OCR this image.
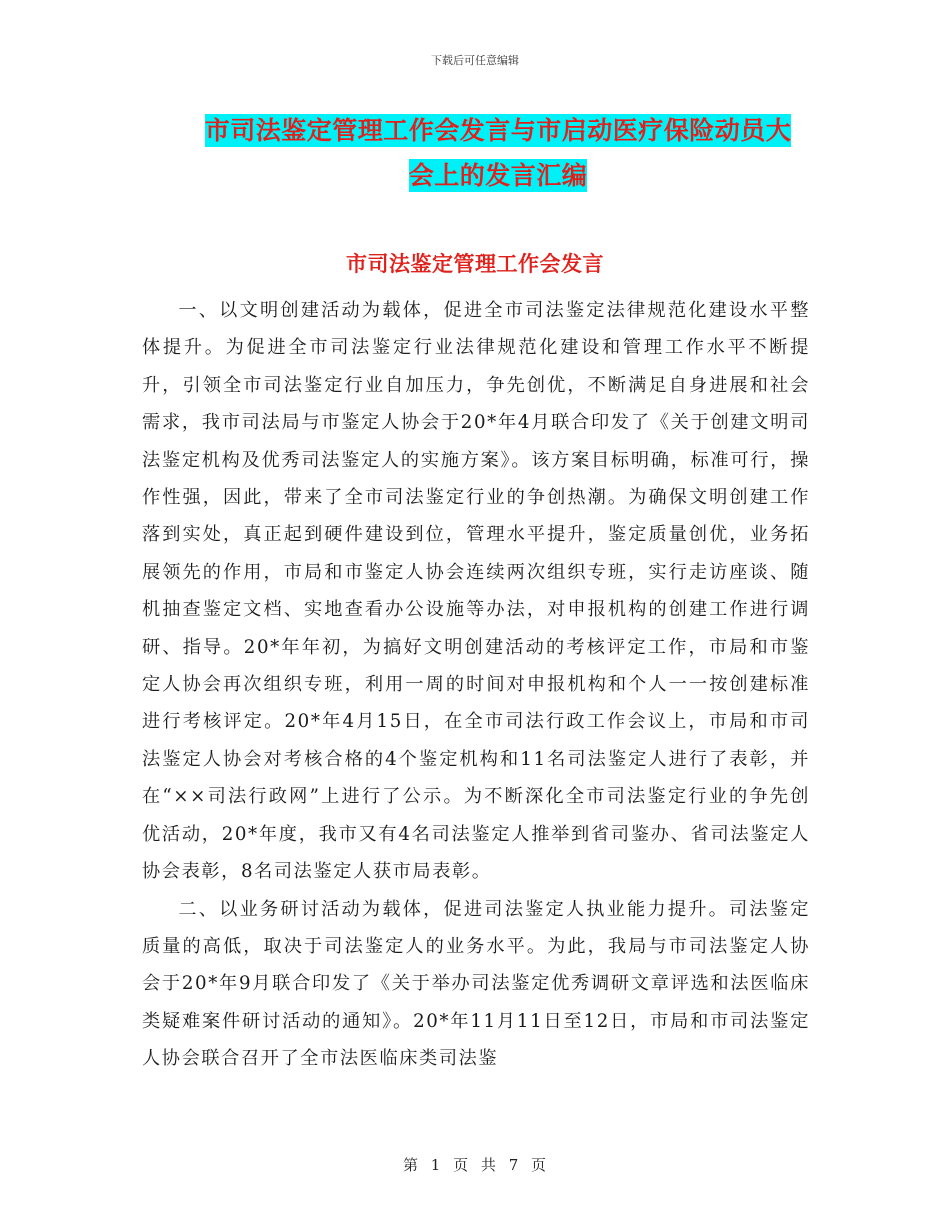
下载后可任意编辑
市司法鉴定管理工作会发言与市启动医疗保险动员大
会上的发言汇编
市司法鉴定管理工作会发言

一、以文明创建活动为载体，促进全市司法鉴定法律规范化建设水平整体提升。为促进全市司法鉴定行业法律规范化建设和管理工作水平不断提升，引领全市司法鉴定行业自加压力，争先创优，不断满足自身进展和社会需求，我市司法局与市鉴定人协会于20*年4月联合印发了《关于创建文明司法鉴定机构及优秀司法鉴定人的实施方案》。该方案目标明确，标准可行，操作性强，因此，带来了全市司法鉴定行业的争创热潮。为确保文明创建工作落到实处，真正起到硬件建设到位，管理水平提升，鉴定质量创优，业务拓展领先的作用，市局和市鉴定人协会连续两次组织专班，实行走访座谈、随机抽查鉴定文档、实地查看办公设施等办法，对申报机构的创建工作进行调研、指导。20*年年初，为搞好文明创建活动的考核评定工作，市局和市鉴定人协会再次组织专班，利用一周的时间对申报机构和个人一一按创建标准进行考核评定。20*年4月15日，在全市司法行政工作会议上，市局和市司法鉴定人协会对考核合格的4个鉴定机构和11名司法鉴定人进行了表彰，并在“××司法行政网”上进行了公示。为不断深化全市司法鉴定行业的争先创优活动，20*年度，我市又有4名司法鉴定人推举到省司鉴办、省司法鉴定人协会表彰，8名司法鉴定人获市局表彰。

二、以业务研讨活动为载体，促进司法鉴定人执业能力提升。司法鉴定质量的高低，取决于司法鉴定人的业务水平。为此，我局与市司法鉴定人协会于20*年9月联合印发了《关于举办司法鉴定优秀调研文章评选和法医临床类疑难案件研讨活动的通知》。20*年11月11日至12日，市局和市司法鉴定人协会联合召开了全市法医临床类司法鉴

第 1 页 共 7 页
